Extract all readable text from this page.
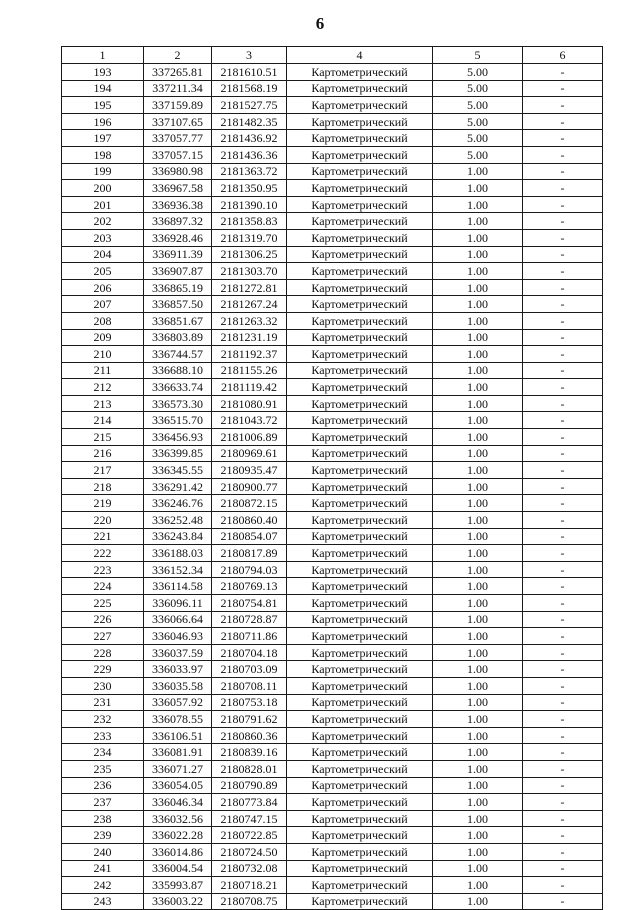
6
1	2	3	4	5	6
193	337265.81	2181610.51	Картометрический	5.00	-
194	337211.34	2181568.19	Картометрический	5.00	-
195	337159.89	2181527.75	Картометрический	5.00	-
196	337107.65	2181482.35	Картометрический	5.00	-
197	337057.77	2181436.92	Картометрический	5.00	-
198	337057.15	2181436.36	Картометрический	5.00	-
199	336980.98	2181363.72	Картометрический	1.00	-
200	336967.58	2181350.95	Картометрический	1.00	-
201	336936.38	2181390.10	Картометрический	1.00	-
202	336897.32	2181358.83	Картометрический	1.00	-
203	336928.46	2181319.70	Картометрический	1.00	-
204	336911.39	2181306.25	Картометрический	1.00	-
205	336907.87	2181303.70	Картометрический	1.00	-
206	336865.19	2181272.81	Картометрический	1.00	-
207	336857.50	2181267.24	Картометрический	1.00	-
208	336851.67	2181263.32	Картометрический	1.00	-
209	336803.89	2181231.19	Картометрический	1.00	-
210	336744.57	2181192.37	Картометрический	1.00	-
211	336688.10	2181155.26	Картометрический	1.00	-
212	336633.74	2181119.42	Картометрический	1.00	-
213	336573.30	2181080.91	Картометрический	1.00	-
214	336515.70	2181043.72	Картометрический	1.00	-
215	336456.93	2181006.89	Картометрический	1.00	-
216	336399.85	2180969.61	Картометрический	1.00	-
217	336345.55	2180935.47	Картометрический	1.00	-
218	336291.42	2180900.77	Картометрический	1.00	-
219	336246.76	2180872.15	Картометрический	1.00	-
220	336252.48	2180860.40	Картометрический	1.00	-
221	336243.84	2180854.07	Картометрический	1.00	-
222	336188.03	2180817.89	Картометрический	1.00	-
223	336152.34	2180794.03	Картометрический	1.00	-
224	336114.58	2180769.13	Картометрический	1.00	-
225	336096.11	2180754.81	Картометрический	1.00	-
226	336066.64	2180728.87	Картометрический	1.00	-
227	336046.93	2180711.86	Картометрический	1.00	-
228	336037.59	2180704.18	Картометрический	1.00	-
229	336033.97	2180703.09	Картометрический	1.00	-
230	336035.58	2180708.11	Картометрический	1.00	-
231	336057.92	2180753.18	Картометрический	1.00	-
232	336078.55	2180791.62	Картометрический	1.00	-
233	336106.51	2180860.36	Картометрический	1.00	-
234	336081.91	2180839.16	Картометрический	1.00	-
235	336071.27	2180828.01	Картометрический	1.00	-
236	336054.05	2180790.89	Картометрический	1.00	-
237	336046.34	2180773.84	Картометрический	1.00	-
238	336032.56	2180747.15	Картометрический	1.00	-
239	336022.28	2180722.85	Картометрический	1.00	-
240	336014.86	2180724.50	Картометрический	1.00	-
241	336004.54	2180732.08	Картометрический	1.00	-
242	335993.87	2180718.21	Картометрический	1.00	-
243	336003.22	2180708.75	Картометрический	1.00	-
